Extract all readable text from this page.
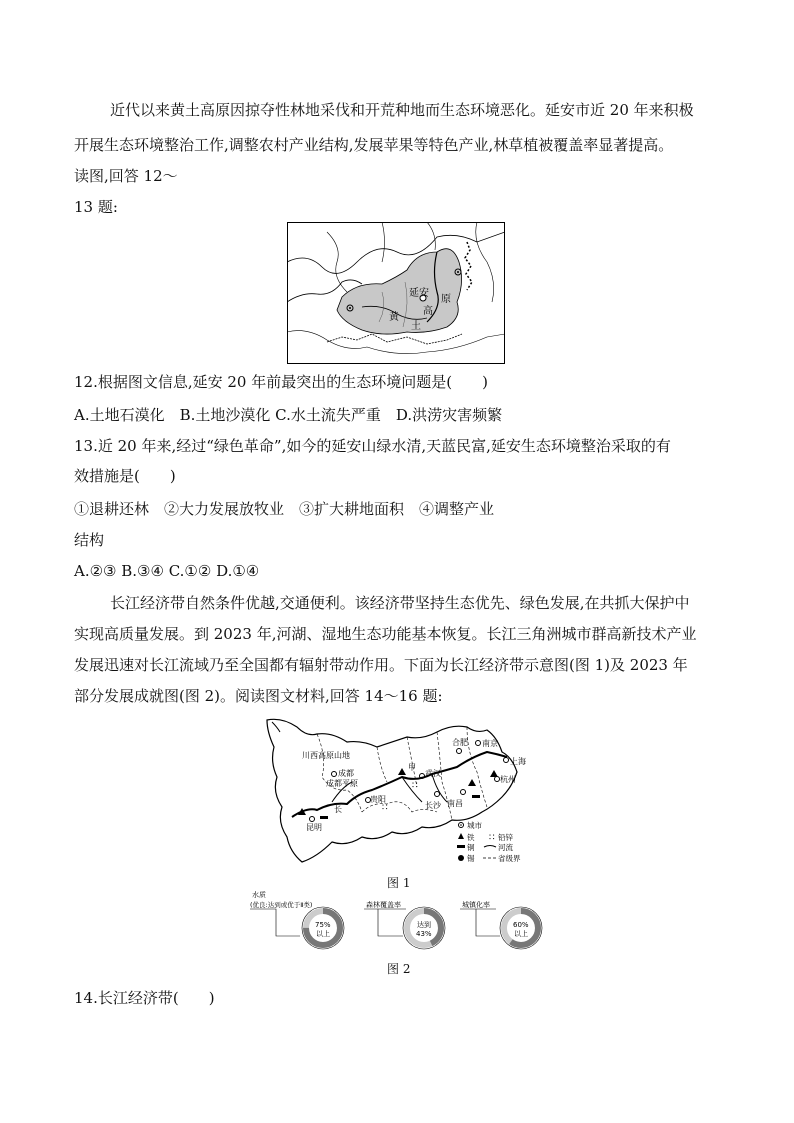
近代以来黄土高原因掠夺性林地采伐和开荒种地而生态环境恶化。延安市近 20 年来积极
开展生态环境整治工作,调整农村产业结构,发展苹果等特色产业,林草植被覆盖率显著提高。
读图,回答 12～
13 题:
延安
黄
土
高
原
12.根据图文信息,延安 20 年前最突出的生态环境问题是(　　)
A.土地石漠化　B.土地沙漠化 C.水土流失严重　D.洪涝灾害频繁
13.近 20 年来,经过“绿色革命”,如今的延安山绿水清,天蓝民富,延安生态环境整治采取的有
效措施是(　　)
①退耕还林　②大力发展放牧业　③扩大耕地面积　④调整产业
结构
A.②③ B.③④ C.①② D.①④
长江经济带自然条件优越,交通便利。该经济带坚持生态优先、绿色发展,在共抓大保护中
实现高质量发展。到 2023 年,河湖、湿地生态功能基本恢复。长江三角洲城市群高新技术产业
发展迅速对长江流域乃至全国都有辐射带动作用。下面为长江经济带示意图(图 1)及 2023 年
部分发展成就图(图 2)。阅读图文材料,回答 14～16 题:
川西高原山地
成都
成都平原
甲
武汉
合肥 南京
上海
杭州
贵阳
长沙 南昌
昆明
长
∷
∷
城市
铁 ∷ 铅锌
铜	河流
锡	省级界
图 1
水质
(优良:达到或优于Ⅱ类)
75%
以上
森林覆盖率
达到
43%
城镇化率
60%
以上
图 2
14.长江经济带(　　)
